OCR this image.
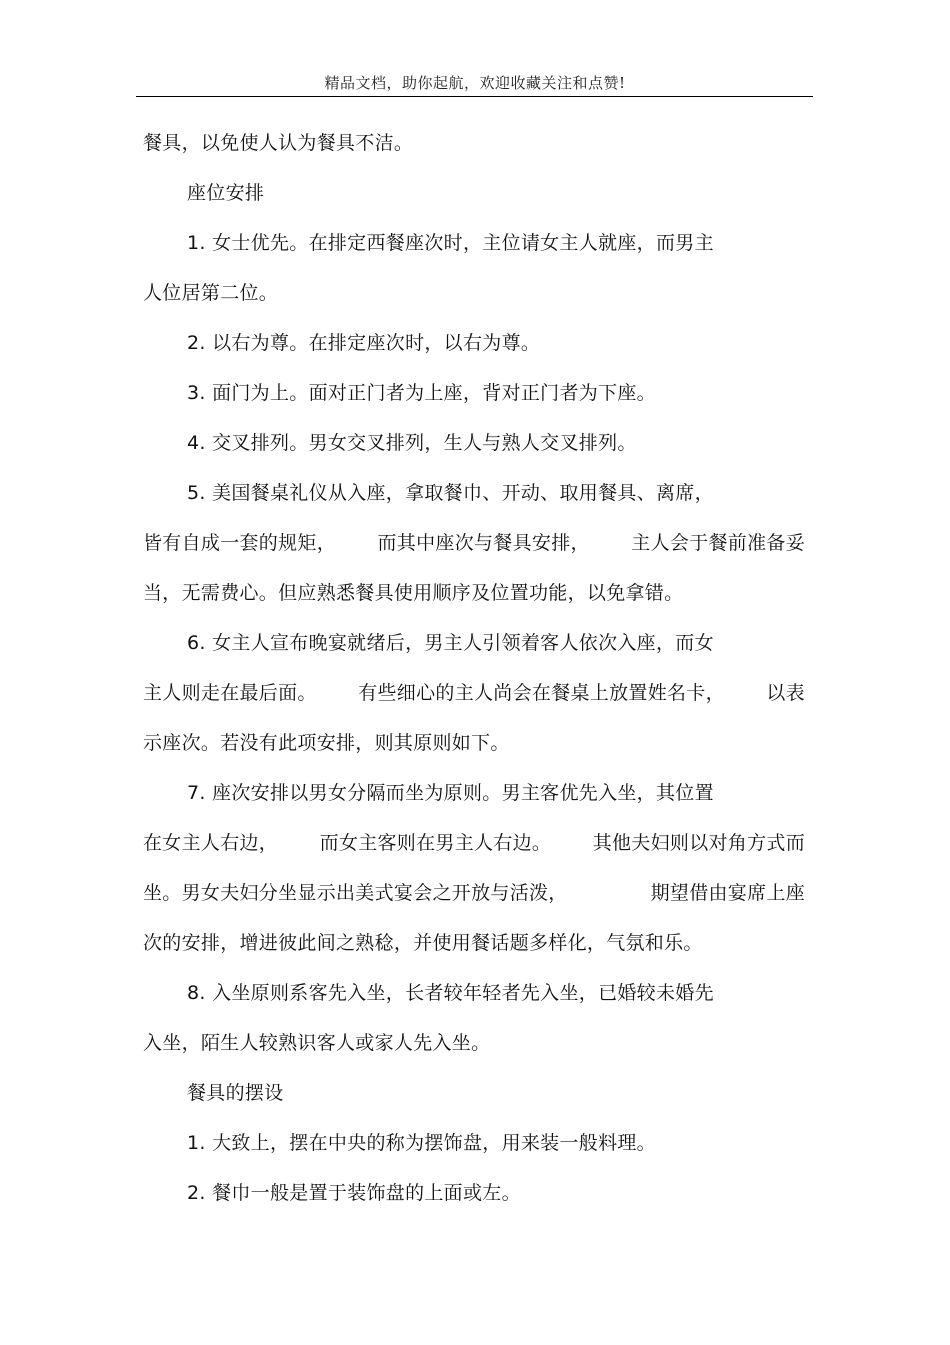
精品文档，助你起航，欢迎收藏关注和点赞!
餐具，以免使人认为餐具不洁。
座位安排
1. 女士优先。在排定西餐座次时，主位请女主人就座，而男主
人位居第二位。
2. 以右为尊。在排定座次时，以右为尊。
3. 面门为上。面对正门者为上座，背对正门者为下座。
4. 交叉排列。男女交叉排列，生人与熟人交叉排列。
5. 美国餐桌礼仪从入座，拿取餐巾、开动、取用餐具、离席，
皆有自成一套的规矩， 而其中座次与餐具安排， 主人会于餐前准备妥
当，无需费心。但应熟悉餐具使用顺序及位置功能，以免拿错。
6. 女主人宣布晚宴就绪后，男主人引领着客人依次入座，而女
主人则走在最后面。 有些细心的主人尚会在餐桌上放置姓名卡， 以表
示座次。若没有此项安排，则其原则如下。
7. 座次安排以男女分隔而坐为原则。男主客优先入坐，其位置
在女主人右边， 而女主客则在男主人右边。 其他夫妇则以对角方式而
坐。男女夫妇分坐显示出美式宴会之开放与活泼，	期望借由宴席上座
次的安排，增进彼此间之熟稔，并使用餐话题多样化，气氛和乐。
8. 入坐原则系客先入坐，长者较年轻者先入坐，已婚较未婚先
入坐，陌生人较熟识客人或家人先入坐。
餐具的摆设
1. 大致上，摆在中央的称为摆饰盘，用来装一般料理。
2. 餐巾一般是置于装饰盘的上面或左。
